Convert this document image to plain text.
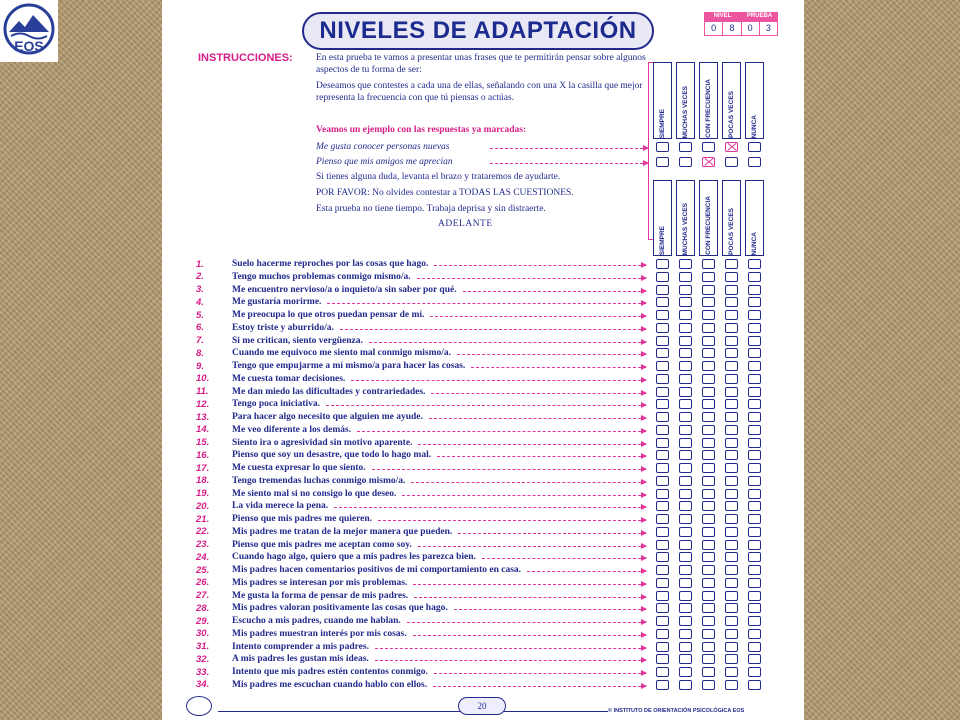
EOS
NIVELES DE ADAPTACIÓN
NIVEL	PRUEBA
0	8	0	3
INSTRUCCIONES: En esta prueba te vamos a presentar unas frases que te permitirán pensar sobre algunos aspectos de tu forma de ser:
Deseamos que contestes a cada una de ellas, señalando con una X la casilla que mejor representa la frecuencia con que tú piensas o actúas.
Veamos un ejemplo con las respuestas ya marcadas:
Me gusta conocer personas nuevas
Pienso que mis amigos me aprecian
Si tienes alguna duda, levanta el brazo y trataremos de ayudarte.
POR FAVOR: No olvides contestar a TODAS LAS CUESTIONES.
Esta prueba no tiene tiempo. Trabaja deprisa y sin distraerte.
ADELANTE
SIEMPRE MUCHAS VECES CON FRECUENCIA POCAS VECES NUNCA
SIEMPRE MUCHAS VECES CON FRECUENCIA POCAS VECES NUNCA
1.	Suelo hacerme reproches por las cosas que hago.
2.	Tengo muchos problemas conmigo mismo/a.
3.	Me encuentro nervioso/a o inquieto/a sin saber por qué.
4.	Me gustaría morirme.
5.	Me preocupa lo que otros puedan pensar de mí.
6.	Estoy triste y aburrido/a.
7.	Si me critican, siento vergüenza.
8.	Cuando me equivoco me siento mal conmigo mismo/a.
9.	Tengo que empujarme a mí mismo/a para hacer las cosas.
10.	Me cuesta tomar decisiones.
11.	Me dan miedo las dificultades y contrariedades.
12.	Tengo poca iniciativa.
13.	Para hacer algo necesito que alguien me ayude.
14.	Me veo diferente a los demás.
15.	Siento ira o agresividad sin motivo aparente.
16.	Pienso que soy un desastre, que todo lo hago mal.
17.	Me cuesta expresar lo que siento.
18.	Tengo tremendas luchas conmigo mismo/a.
19.	Me siento mal si no consigo lo que deseo.
20.	La vida merece la pena.
21.	Pienso que mis padres me quieren.
22.	Mis padres me tratan de la mejor manera que pueden.
23.	Pienso que mis padres me aceptan como soy.
24.	Cuando hago algo, quiero que a mis padres les parezca bien.
25.	Mis padres hacen comentarios positivos de mi comportamiento en casa.
26.	Mis padres se interesan por mis problemas.
27.	Me gusta la forma de pensar de mis padres.
28.	Mis padres valoran positivamente las cosas que hago.
29.	Escucho a mis padres, cuando me hablan.
30.	Mis padres muestran interés por mis cosas.
31.	Intento comprender a mis padres.
32.	A mis padres les gustan mis ideas.
33.	Intento que mis padres estén contentos conmigo.
34.	Mis padres me escuchan cuando hablo con ellos.
20	© INSTITUTO DE ORIENTACIÓN PSICOLÓGICA EOS
